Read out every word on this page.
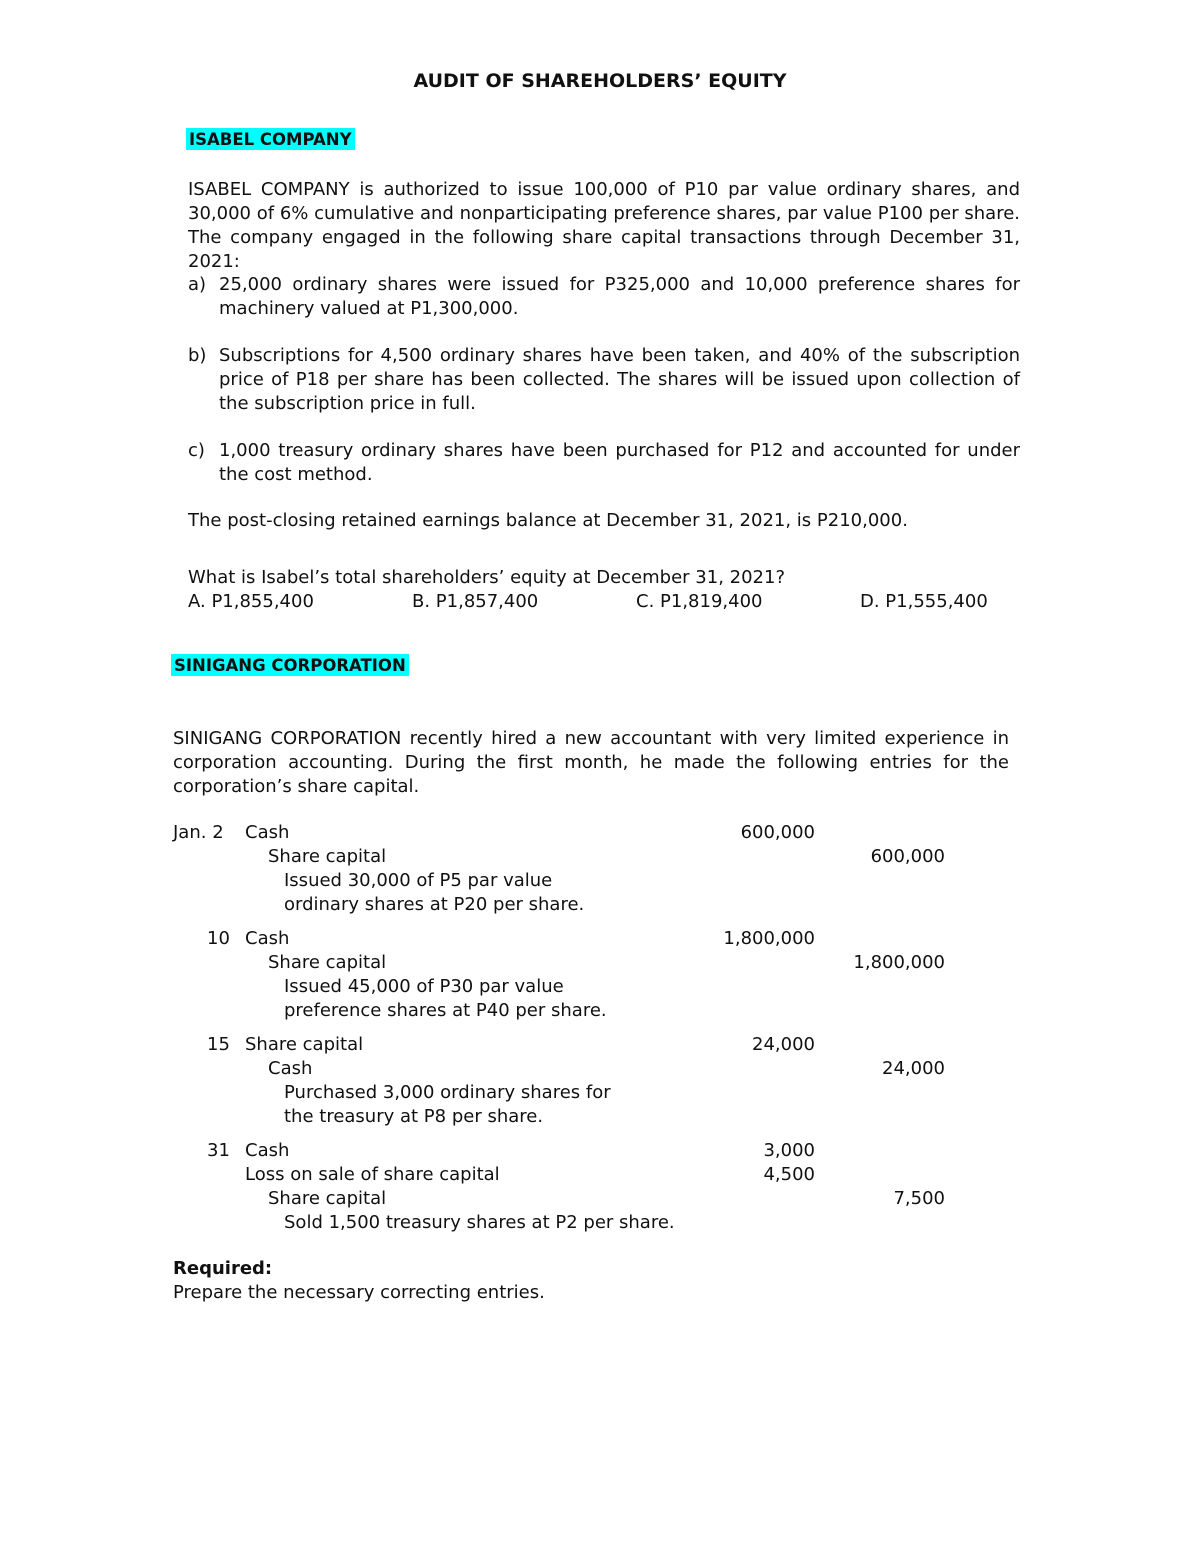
AUDIT OF SHAREHOLDERS’ EQUITY
ISABEL COMPANY
ISABEL COMPANY is authorized to issue 100,000 of P10 par value ordinary shares, and 30,000 of 6% cumulative and nonparticipating preference shares, par value P100 per share. The company engaged in the following share capital transactions through December 31, 2021:
a) 25,000 ordinary shares were issued for P325,000 and 10,000 preference shares for machinery valued at P1,300,000.
b) Subscriptions for 4,500 ordinary shares have been taken, and 40% of the subscription price of P18 per share has been collected. The shares will be issued upon collection of the subscription price in full.
c) 1,000 treasury ordinary shares have been purchased for P12 and accounted for under the cost method.
The post-closing retained earnings balance at December 31, 2021, is P210,000.
What is Isabel’s total shareholders’ equity at December 31, 2021?
A. P1,855,400	B. P1,857,400	C. P1,819,400	D. P1,555,400
SINIGANG CORPORATION
SINIGANG CORPORATION recently hired a new accountant with very limited experience in corporation accounting. During the first month, he made the following entries for the corporation’s share capital.
Jan. 2 Cash	600,000
Share capital	600,000
Issued 30,000 of P5 par value
ordinary shares at P20 per share.
10 Cash	1,800,000
Share capital	1,800,000
Issued 45,000 of P30 par value
preference shares at P40 per share.
15 Share capital	24,000
Cash	24,000
Purchased 3,000 ordinary shares for
the treasury at P8 per share.
31 Cash	3,000
Loss on sale of share capital	4,500
Share capital	7,500
Sold 1,500 treasury shares at P2 per share.
Required:
Prepare the necessary correcting entries.
